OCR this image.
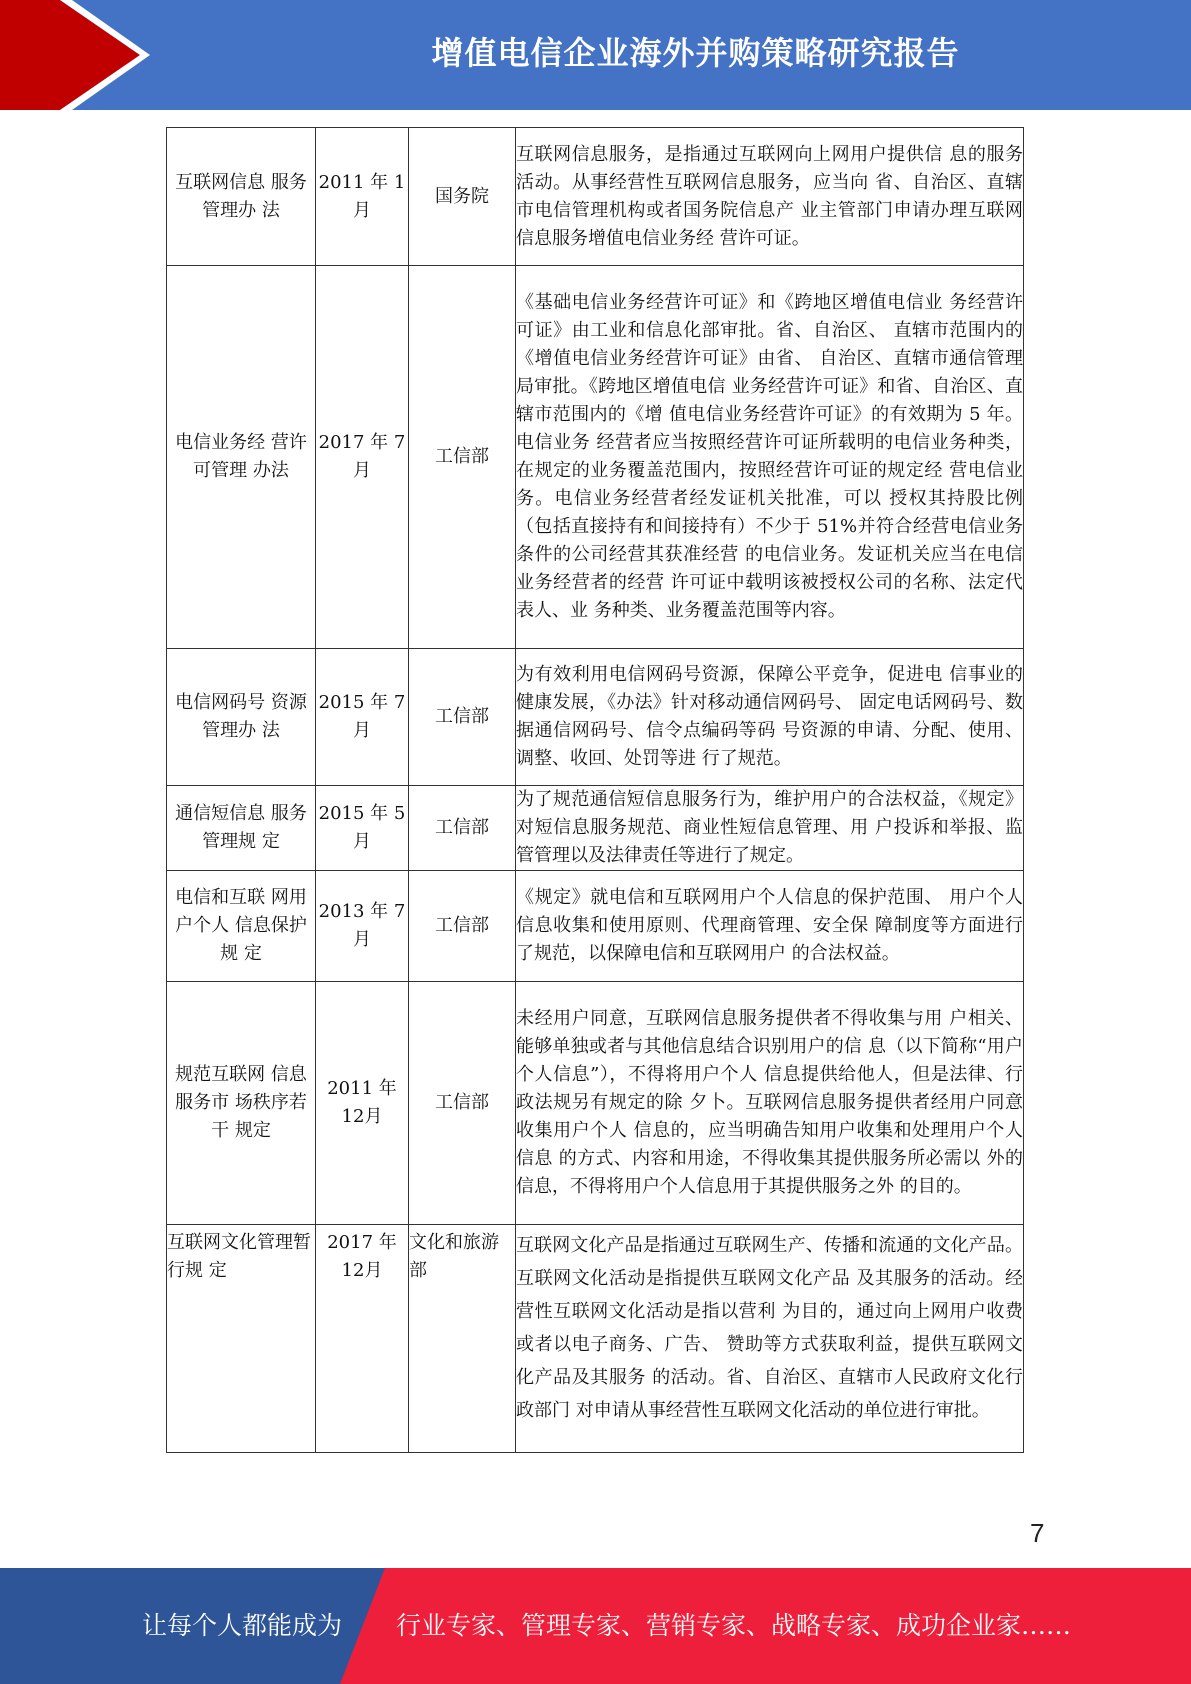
增值电信企业海外并购策略研究报告
互联网信息 服务管理办 法	2011 年 1月	国务院	互联网信息服务，是指通过互联网向上网用户提供信 息的服务活动。从事经营性互联网信息服务，应当向 省、自治区、直辖市电信管理机构或者国务院信息产 业主管部门申请办理互联网信息服务增值电信业务经 营许可证。
电信业务经 营许可管理 办法	2017 年 7月	工信部	《基础电信业务经营许可证》和《跨地区增值电信业 务经营许可证》由工业和信息化部审批。省、自治区、 直辖市范围内的《增值电信业务经营许可证》由省、 自治区、直辖市通信管理局审批。《跨地区增值电信 业务经营许可证》和省、自治区、直辖市范围内的《增 值电信业务经营许可证》的有效期为 5 年。电信业务 经营者应当按照经营许可证所载明的电信业务种类， 在规定的业务覆盖范围内，按照经营许可证的规定经 营电信业务。电信业务经营者经发证机关批准，可以 授权其持股比例（包括直接持有和间接持有）不少于 51%并符合经营电信业务条件的公司经营其获准经营 的电信业务。发证机关应当在电信业务经营者的经营 许可证中载明该被授权公司的名称、法定代表人、业 务种类、业务覆盖范围等内容。
电信网码号 资源管理办 法	2015 年 7月	工信部	为有效利用电信网码号资源，保障公平竞争，促进电 信事业的健康发展，《办法》针对移动通信网码号、 固定电话网码号、数据通信网码号、信令点编码等码 号资源的申请、分配、使用、调整、收回、处罚等进 行了规范。
通信短信息 服务管理规 定	2015 年 5月	工信部	为了规范通信短信息服务行为，维护用户的合法权益，《规定》对短信息服务规范、商业性短信息管理、用 户投诉和举报、监管管理以及法律责任等进行了规定。
电信和互联 网用户个人 信息保护规 定	2013 年 7月	工信部	《规定》就电信和互联网用户个人信息的保护范围、 用户个人信息收集和使用原则、代理商管理、安全保 障制度等方面进行了规范，以保障电信和互联网用户 的合法权益。
规范互联网 信息服务市 场秩序若干 规定	2011 年 12月	工信部	未经用户同意，互联网信息服务提供者不得收集与用 户相关、能够单独或者与其他信息结合识别用户的信 息（以下简称“用户个人信息”），不得将用户个人 信息提供给他人，但是法律、行政法规另有规定的除 夕卜。互联网信息服务提供者经用户同意收集用户个人 信息的，应当明确告知用户收集和处理用户个人信息 的方式、内容和用途，不得收集其提供服务所必需以 外的信息，不得将用户个人信息用于其提供服务之外 的目的。
互联网文化管理暂行规 定	2017 年 12月	文化和旅游部	互联网文化产品是指通过互联网生产、传播和流通的文化产品。互联网文化活动是指提供互联网文化产品 及其服务的活动。经营性互联网文化活动是指以营利 为目的，通过向上网用户收费或者以电子商务、广告、 赞助等方式获取利益，提供互联网文化产品及其服务 的活动。省、自治区、直辖市人民政府文化行政部门 对申请从事经营性互联网文化活动的单位进行审批。
7
让每个人都能成为 行业专家、管理专家、营销专家、战略专家、成功企业家……
